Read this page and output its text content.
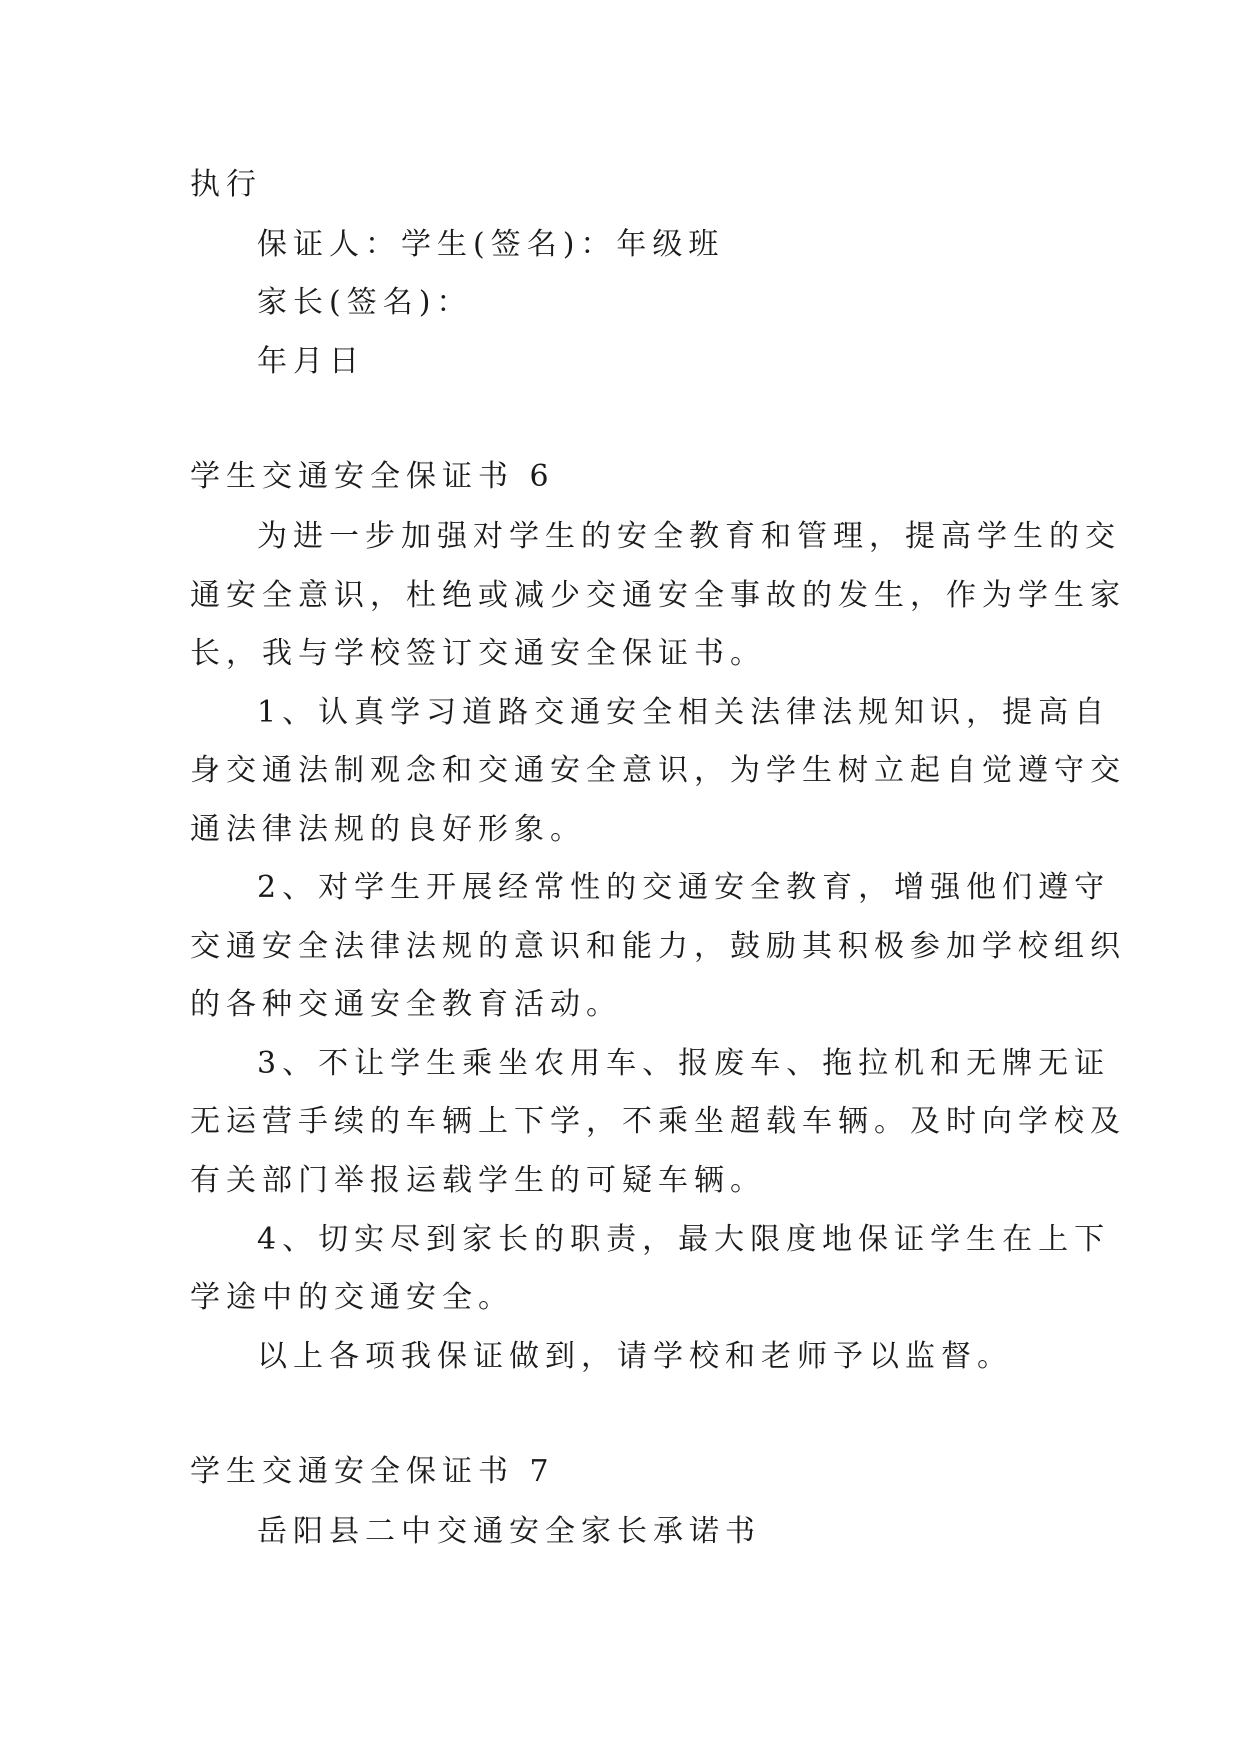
执行
保证人：学生(签名)：年级班
家长(签名)：
年月日
学生交通安全保证书 6
为进一步加强对学生的安全教育和管理，提高学生的交
通安全意识，杜绝或减少交通安全事故的发生，作为学生家
长，我与学校签订交通安全保证书。
1、认真学习道路交通安全相关法律法规知识，提高自
身交通法制观念和交通安全意识，为学生树立起自觉遵守交
通法律法规的良好形象。
2、对学生开展经常性的交通安全教育，增强他们遵守
交通安全法律法规的意识和能力，鼓励其积极参加学校组织
的各种交通安全教育活动。
3、不让学生乘坐农用车、报废车、拖拉机和无牌无证
无运营手续的车辆上下学，不乘坐超载车辆。及时向学校及
有关部门举报运载学生的可疑车辆。
4、切实尽到家长的职责，最大限度地保证学生在上下
学途中的交通安全。
以上各项我保证做到，请学校和老师予以监督。
学生交通安全保证书 7
岳阳县二中交通安全家长承诺书
